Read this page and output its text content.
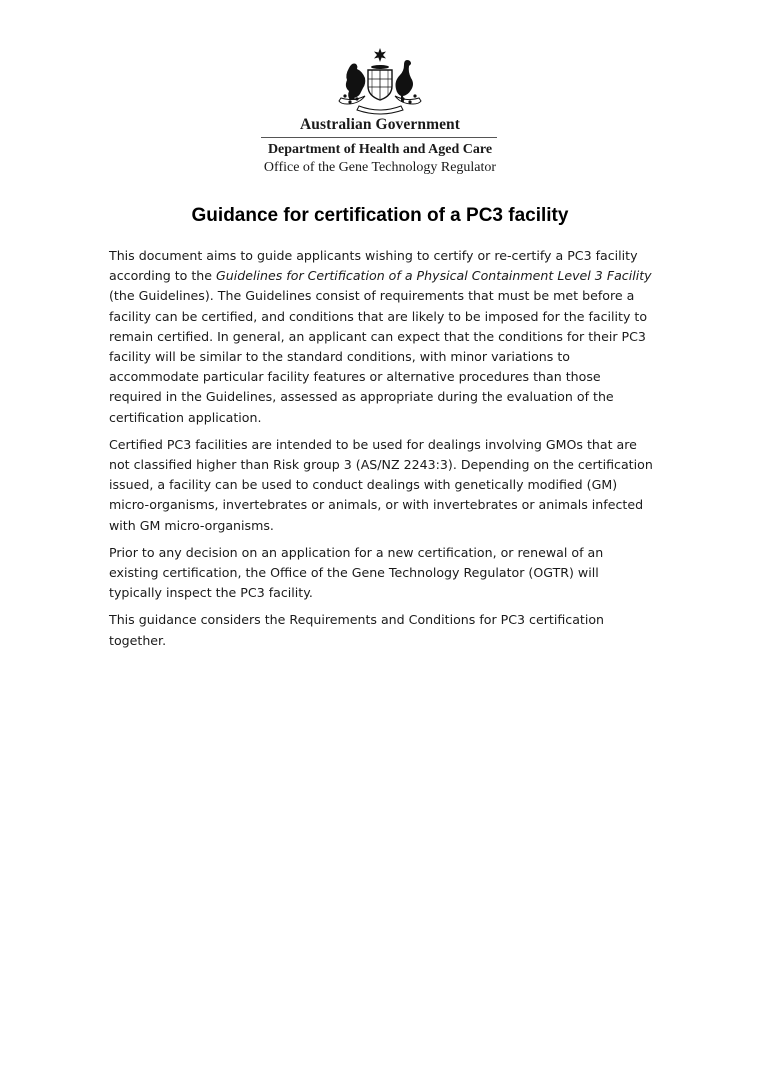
Australian Government
Department of Health and Aged Care
Office of the Gene Technology Regulator
Guidance for certification of a PC3 facility

This document aims to guide applicants wishing to certify or re-certify a PC3 facility according to the Guidelines for Certification of a Physical Containment Level 3 Facility (the Guidelines). The Guidelines consist of requirements that must be met before a facility can be certified, and conditions that are likely to be imposed for the facility to remain certified. In general, an applicant can expect that the conditions for their PC3 facility will be similar to the standard conditions, with minor variations to accommodate particular facility features or alternative procedures than those required in the Guidelines, assessed as appropriate during the evaluation of the certification application.

Certified PC3 facilities are intended to be used for dealings involving GMOs that are not classified higher than Risk group 3 (AS/NZ 2243:3). Depending on the certification issued, a facility can be used to conduct dealings with genetically modified (GM) micro-organisms, invertebrates or animals, or with invertebrates or animals infected with GM micro-organisms.

Prior to any decision on an application for a new certification, or renewal of an existing certification, the Office of the Gene Technology Regulator (OGTR) will typically inspect the PC3 facility.

This guidance considers the Requirements and Conditions for PC3 certification together.
